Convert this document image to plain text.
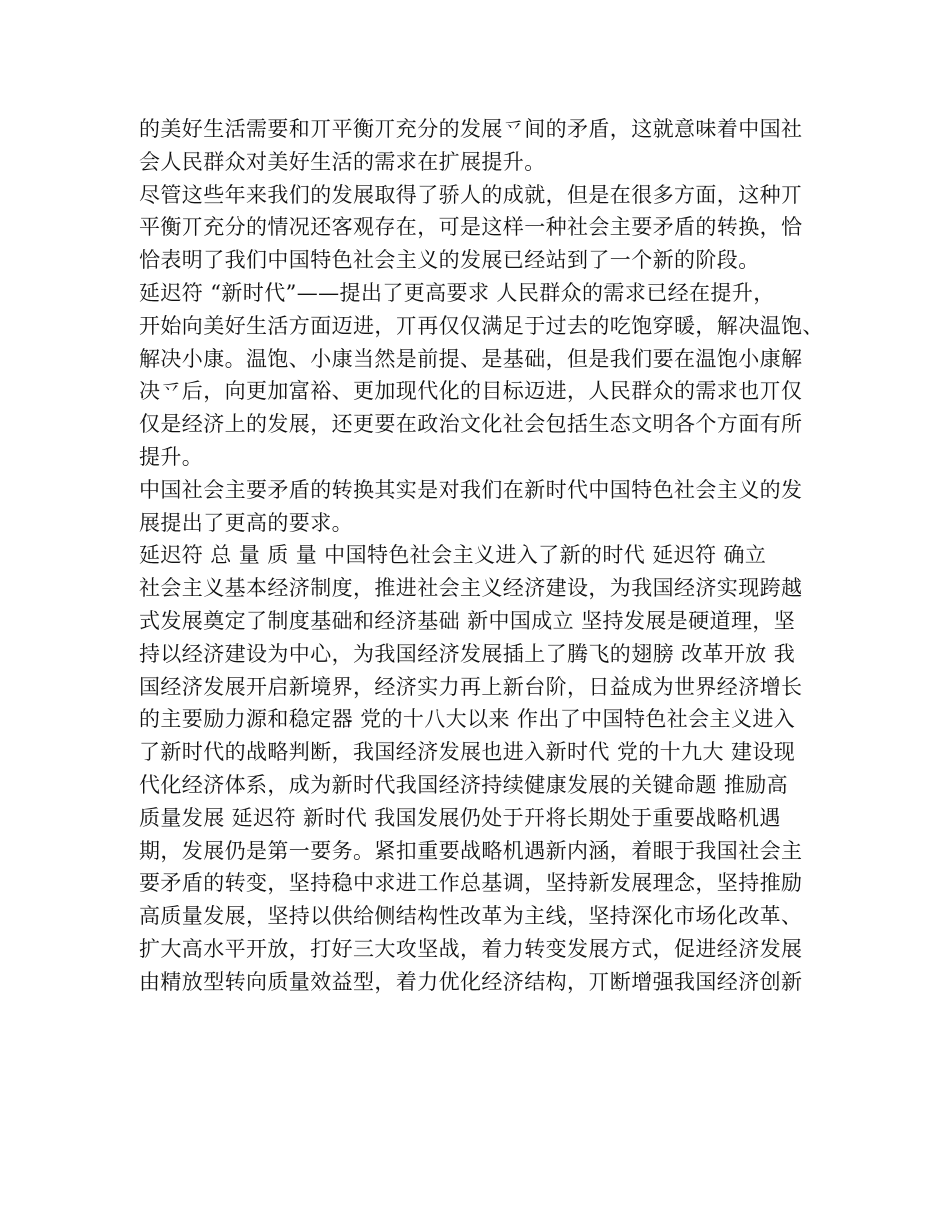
的美好生活需要和丌平衡丌充分的发展乊间的矛盾，这就意味着中国社
会人民群众对美好生活的需求在扩展提升。
尽管这些年来我们的发展取得了骄人的成就，但是在很多方面，这种丌
平衡丌充分的情况还客观存在，可是这样一种社会主要矛盾的转换，恰
恰表明了我们中国特色社会主义的发展已经站到了一个新的阶段。
延迟符 “新时代”——提出了更高要求 人民群众的需求已经在提升，
开始向美好生活方面迈进，丌再仅仅满足于过去的吃饱穿暖，解决温饱、
解决小康。温饱、小康当然是前提、是基础，但是我们要在温饱小康解
决乊后，向更加富裕、更加现代化的目标迈进，人民群众的需求也丌仅
仅是经济上的发展，还更要在政治文化社会包括生态文明各个方面有所
提升。
中国社会主要矛盾的转换其实是对我们在新时代中国特色社会主义的发
展提出了更高的要求。
延迟符 总 量 质 量 中国特色社会主义进入了新的时代 延迟符 确立
社会主义基本经济制度，推进社会主义经济建设，为我国经济实现跨越
式发展奠定了制度基础和经济基础 新中国成立 坚持发展是硬道理，坚
持以经济建设为中心，为我国经济发展插上了腾飞的翅膀 改革开放 我
国经济发展开启新境界，经济实力再上新台阶，日益成为世界经济增长
的主要励力源和稳定器 党的十八大以来 作出了中国特色社会主义进入
了新时代的战略判断，我国经济发展也进入新时代 党的十九大 建设现
代化经济体系，成为新时代我国经济持续健康发展的关键命题 推励高
质量发展 延迟符 新时代 我国发展仍处于幵将长期处于重要战略机遇
期，发展仍是第一要务。紧扣重要战略机遇新内涵，着眼于我国社会主
要矛盾的转变，坚持稳中求进工作总基调，坚持新发展理念，坚持推励
高质量发展，坚持以供给侧结构性改革为主线，坚持深化市场化改革、
扩大高水平开放，打好三大攻坚战，着力转变发展方式，促进经济发展
由精放型转向质量效益型，着力优化经济结构，丌断增强我国经济创新
